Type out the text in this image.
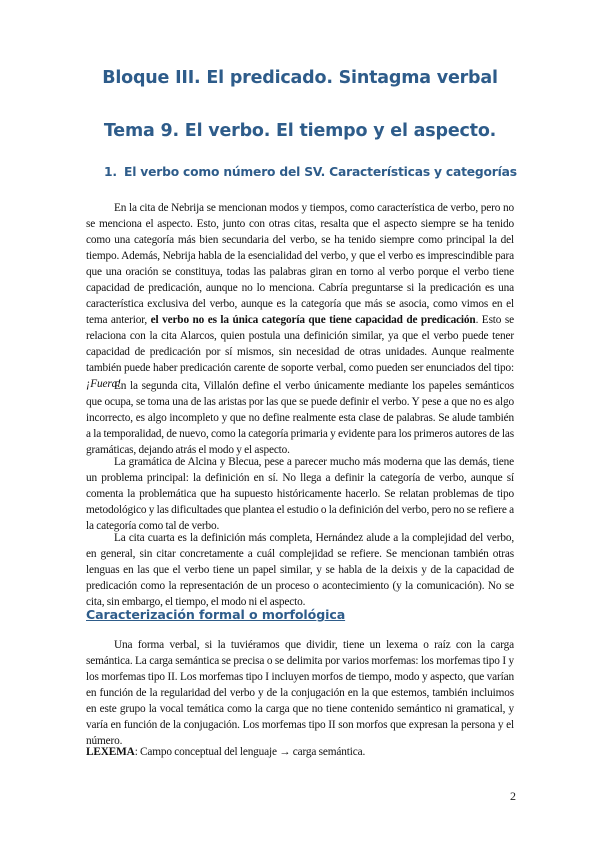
Bloque III. El predicado. Sintagma verbal
Tema 9. El verbo. El tiempo y el aspecto.
1. El verbo como número del SV. Características y categorías

En la cita de Nebrija se mencionan modos y tiempos, como característica de verbo, pero no se menciona el aspecto. Esto, junto con otras citas, resalta que el aspecto siempre se ha tenido como una categoría más bien secundaria del verbo, se ha tenido siempre como principal la del tiempo. Además, Nebrija habla de la esencialidad del verbo, y que el verbo es imprescindible para que una oración se constituya, todas las palabras giran en torno al verbo porque el verbo tiene capacidad de predicación, aunque no lo menciona. Cabría preguntarse si la predicación es una característica exclusiva del verbo, aunque es la categoría que más se asocia, como vimos en el tema anterior, el verbo no es la única categoría que tiene capacidad de predicación. Esto se relaciona con la cita Alarcos, quien postula una definición similar, ya que el verbo puede tener capacidad de predicación por sí mismos, sin necesidad de otras unidades. Aunque realmente también puede haber predicación carente de soporte verbal, como pueden ser enunciados del tipo: ¡Fuera!

En la segunda cita, Villalón define el verbo únicamente mediante los papeles semánticos que ocupa, se toma una de las aristas por las que se puede definir el verbo. Y pese a que no es algo incorrecto, es algo incompleto y que no define realmente esta clase de palabras. Se alude también a la temporalidad, de nuevo, como la categoría primaria y evidente para los primeros autores de las gramáticas, dejando atrás el modo y el aspecto.

La gramática de Alcina y Blecua, pese a parecer mucho más moderna que las demás, tiene un problema principal: la definición en sí. No llega a definir la categoría de verbo, aunque sí comenta la problemática que ha supuesto históricamente hacerlo. Se relatan problemas de tipo metodológico y las dificultades que plantea el estudio o la definición del verbo, pero no se refiere a la categoría como tal de verbo.

La cita cuarta es la definición más completa, Hernández alude a la complejidad del verbo, en general, sin citar concretamente a cuál complejidad se refiere. Se mencionan también otras lenguas en las que el verbo tiene un papel similar, y se habla de la deixis y de la capacidad de predicación como la representación de un proceso o acontecimiento (y la comunicación). No se cita, sin embargo, el tiempo, el modo ni el aspecto.

Caracterización formal o morfológica

Una forma verbal, si la tuviéramos que dividir, tiene un lexema o raíz con la carga semántica. La carga semántica se precisa o se delimita por varios morfemas: los morfemas tipo I y los morfemas tipo II. Los morfemas tipo I incluyen morfos de tiempo, modo y aspecto, que varían en función de la regularidad del verbo y de la conjugación en la que estemos, también incluimos en este grupo la vocal temática como la carga que no tiene contenido semántico ni gramatical, y varía en función de la conjugación. Los morfemas tipo II son morfos que expresan la persona y el número.

LEXEMA: Campo conceptual del lenguaje → carga semántica.

2
